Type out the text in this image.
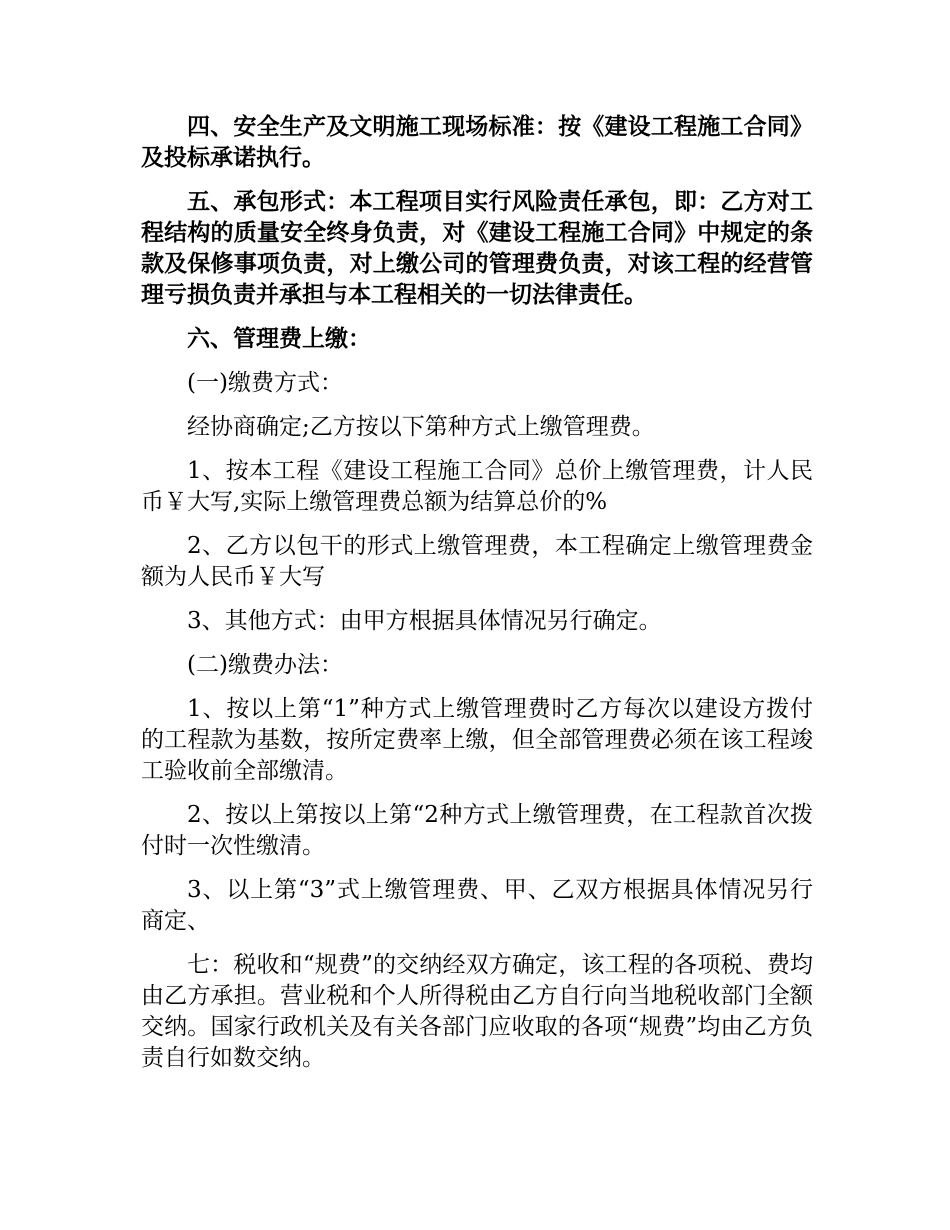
四、安全生产及文明施工现场标准：按《建设工程施工合同》及投标承诺执行。

五、承包形式：本工程项目实行风险责任承包，即：乙方对工程结构的质量安全终身负责，对《建设工程施工合同》中规定的条款及保修事项负责，对上缴公司的管理费负责，对该工程的经营管理亏损负责并承担与本工程相关的一切法律责任。

六、管理费上缴：

(一)缴费方式：

经协商确定;乙方按以下第种方式上缴管理费。

1、按本工程《建设工程施工合同》总价上缴管理费，计人民币￥大写,实际上缴管理费总额为结算总价的%

2、乙方以包干的形式上缴管理费，本工程确定上缴管理费金额为人民币￥大写

3、其他方式：由甲方根据具体情况另行确定。

(二)缴费办法：

1、按以上第“1”种方式上缴管理费时乙方每次以建设方拨付的工程款为基数，按所定费率上缴，但全部管理费必须在该工程竣工验收前全部缴清。

2、按以上第按以上第“2种方式上缴管理费，在工程款首次拨付时一次性缴清。

3、以上第“3”式上缴管理费、甲、乙双方根据具体情况另行商定、

七：税收和“规费”的交纳经双方确定，该工程的各项税、费均由乙方承担。营业税和个人所得税由乙方自行向当地税收部门全额交纳。国家行政机关及有关各部门应收取的各项“规费”均由乙方负责自行如数交纳。
